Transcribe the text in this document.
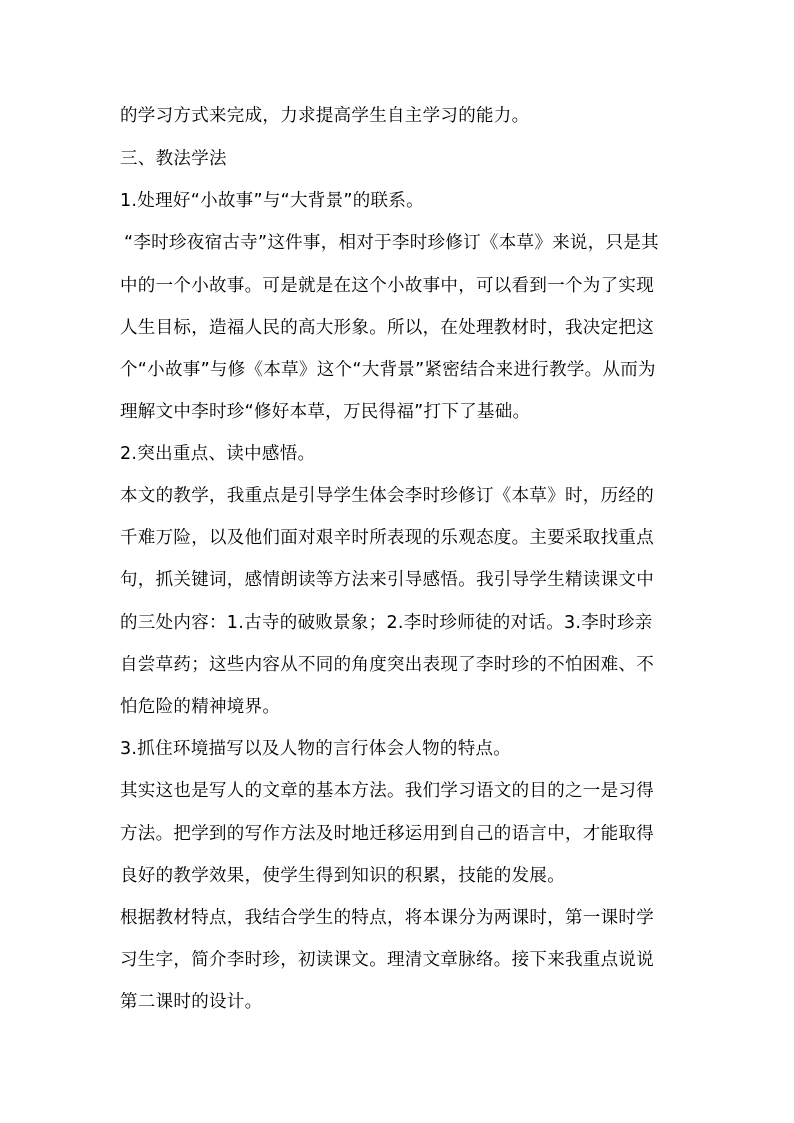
的学习方式来完成，力求提高学生自主学习的能力。
三、教法学法
1.处理好“小故事”与“大背景”的联系。
“李时珍夜宿古寺”这件事，相对于李时珍修订《本草》来说，只是其
中的一个小故事。可是就是在这个小故事中，可以看到一个为了实现
人生目标，造福人民的高大形象。所以，在处理教材时，我决定把这
个“小故事”与修《本草》这个“大背景”紧密结合来进行教学。从而为
理解文中李时珍“修好本草，万民得福”打下了基础。
2.突出重点、读中感悟。
本文的教学，我重点是引导学生体会李时珍修订《本草》时，历经的
千难万险，以及他们面对艰辛时所表现的乐观态度。主要采取找重点
句，抓关键词，感情朗读等方法来引导感悟。我引导学生精读课文中
的三处内容：1.古寺的破败景象；2.李时珍师徒的对话。3.李时珍亲
自尝草药；这些内容从不同的角度突出表现了李时珍的不怕困难、不
怕危险的精神境界。
3.抓住环境描写以及人物的言行体会人物的特点。
其实这也是写人的文章的基本方法。我们学习语文的目的之一是习得
方法。把学到的写作方法及时地迁移运用到自己的语言中，才能取得
良好的教学效果，使学生得到知识的积累，技能的发展。
根据教材特点，我结合学生的特点，将本课分为两课时，第一课时学
习生字，简介李时珍，初读课文。理清文章脉络。接下来我重点说说
第二课时的设计。
